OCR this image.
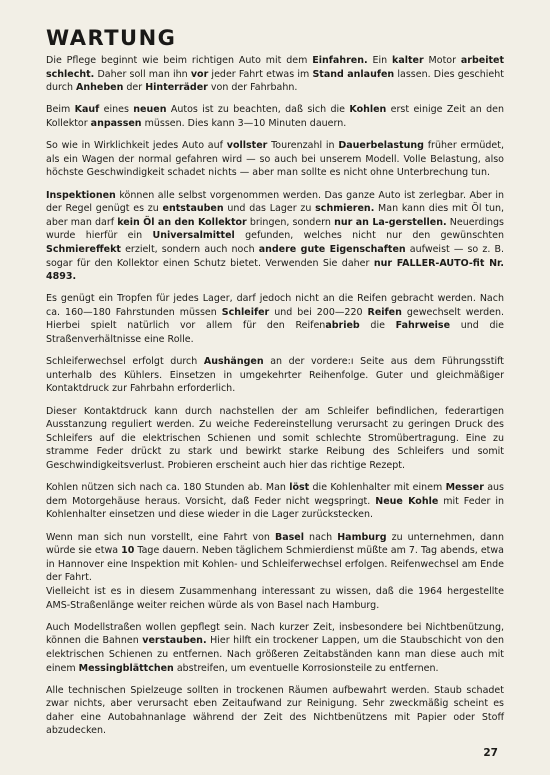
WARTUNG

Die Pflege beginnt wie beim richtigen Auto mit dem Einfahren. Ein kalter Motor arbeitet schlecht. Daher soll man ihn vor jeder Fahrt etwas im Stand anlaufen lassen. Dies geschieht durch Anheben der Hinterräder von der Fahrbahn.

Beim Kauf eines neuen Autos ist zu beachten, daß sich die Kohlen erst einige Zeit an den Kollektor anpassen müssen. Dies kann 3—10 Minuten dauern.

So wie in Wirklichkeit jedes Auto auf vollster Tourenzahl in Dauerbelastung früher ermüdet, als ein Wagen der normal gefahren wird — so auch bei unserem Modell. Volle Belastung, also höchste Geschwindigkeit schadet nichts — aber man sollte es nicht ohne Unterbrechung tun.

Inspektionen können alle selbst vorgenommen werden. Das ganze Auto ist zerlegbar. Aber in der Regel genügt es zu entstauben und das Lager zu schmieren. Man kann dies mit Öl tun, aber man darf kein Öl an den Kollektor bringen, sondern nur an La-gerstellen. Neuerdings wurde hierfür ein Universalmittel gefunden, welches nicht nur den gewünschten Schmiereffekt erzielt, sondern auch noch andere gute Eigenschaften aufweist — so z. B. sogar für den Kollektor einen Schutz bietet. Verwenden Sie daher nur FALLER-AUTO-fit Nr. 4893.

Es genügt ein Tropfen für jedes Lager, darf jedoch nicht an die Reifen gebracht werden. Nach ca. 160—180 Fahrstunden müssen Schleifer und bei 200—220 Reifen gewechselt werden. Hierbei spielt natürlich vor allem für den Reifenabrieb die Fahrweise und die Straßenverhältnisse eine Rolle.

Schleiferwechsel erfolgt durch Aushängen an der vordere:ı Seite aus dem Führungsstift unterhalb des Kühlers. Einsetzen in umgekehrter Reihenfolge. Guter und gleichmäßiger Kontaktdruck zur Fahrbahn erforderlich.

Dieser Kontaktdruck kann durch nachstellen der am Schleifer befindlichen, federartigen Ausstanzung reguliert werden. Zu weiche Federeinstellung verursacht zu geringen Druck des Schleifers auf die elektrischen Schienen und somit schlechte Stromübertragung. Eine zu stramme Feder drückt zu stark und bewirkt starke Reibung des Schleifers und somit Geschwindigkeitsverlust. Probieren erscheint auch hier das richtige Rezept.

Kohlen nützen sich nach ca. 180 Stunden ab. Man löst die Kohlenhalter mit einem Messer aus dem Motorgehäuse heraus. Vorsicht, daß Feder nicht wegspringt. Neue Kohle mit Feder in Kohlenhalter einsetzen und diese wieder in die Lager zurückstecken.

Wenn man sich nun vorstellt, eine Fahrt von Basel nach Hamburg zu unternehmen, dann würde sie etwa 10 Tage dauern. Neben täglichem Schmierdienst müßte am 7. Tag abends, etwa in Hannover eine Inspektion mit Kohlen- und Schleiferwechsel erfolgen. Reifenwechsel am Ende der Fahrt.
Vielleicht ist es in diesem Zusammenhang interessant zu wissen, daß die 1964 hergestellte AMS-Straßenlänge weiter reichen würde als von Basel nach Hamburg.

Auch Modellstraßen wollen gepflegt sein. Nach kurzer Zeit, insbesondere bei Nichtbenützung, können die Bahnen verstauben. Hier hilft ein trockener Lappen, um die Staubschicht von den elektrischen Schienen zu entfernen. Nach größeren Zeitabständen kann man diese auch mit einem Messingblättchen abstreifen, um eventuelle Korrosionsteile zu entfernen.

Alle technischen Spielzeuge sollten in trockenen Räumen aufbewahrt werden. Staub schadet zwar nichts, aber verursacht eben Zeitaufwand zur Reinigung. Sehr zweckmäßig scheint es daher eine Autobahnanlage während der Zeit des Nichtbenützens mit Papier oder Stoff abzudecken.

27
